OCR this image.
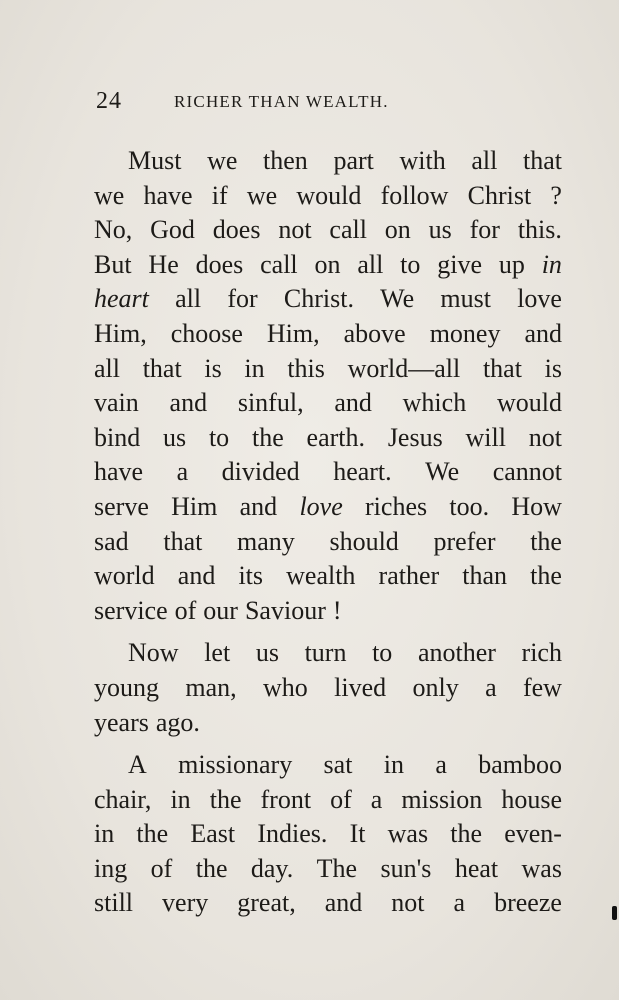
24	RICHER THAN WEALTH.
Must we then part with all that
we have if we would follow Christ ?
No, God does not call on us for this.
But He does call on all to give up in
heart all for Christ. We must love
Him, choose Him, above money and
all that is in this world—all that is
vain and sinful, and which would
bind us to the earth. Jesus will not
have a divided heart. We cannot
serve Him and love riches too. How
sad that many should prefer the
world and its wealth rather than the
service of our Saviour !
Now let us turn to another rich
young man, who lived only a few
years ago.
A missionary sat in a bamboo
chair, in the front of a mission house
in the East Indies. It was the even-
ing of the day. The sun's heat was
still very great, and not a breeze
